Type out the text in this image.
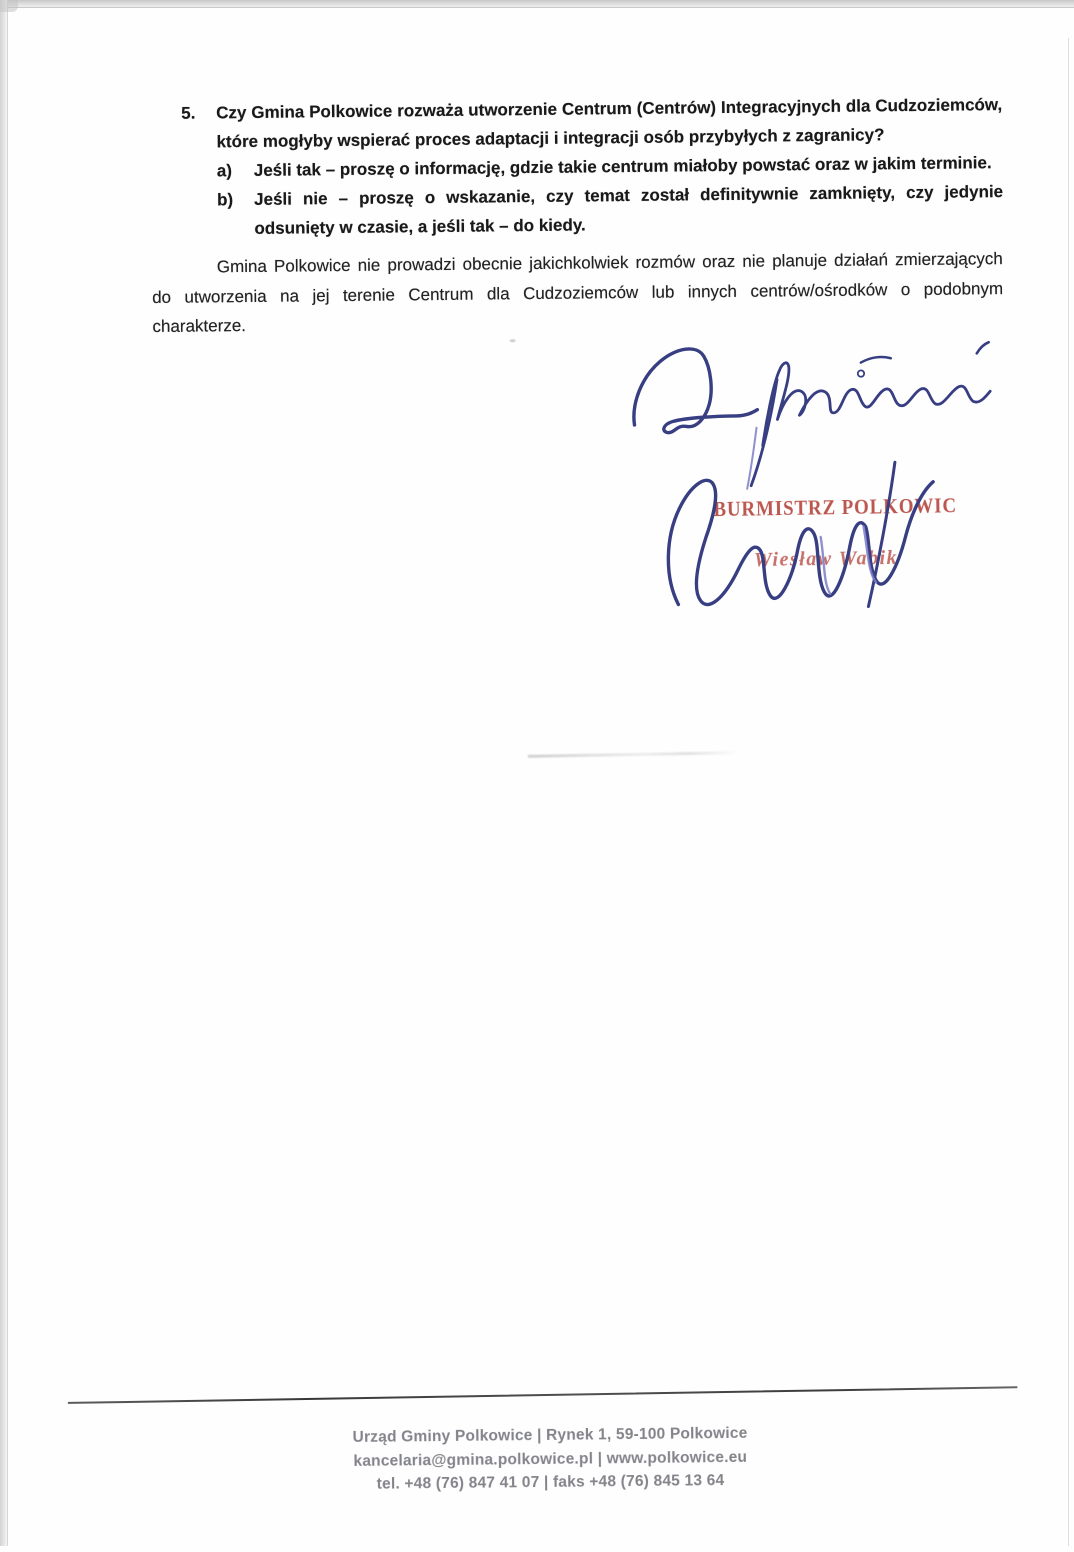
5.	Czy Gmina Polkowice rozważa utworzenie Centrum (Centrów) Integracyjnych dla Cudzoziemców, które mogłyby wspierać proces adaptacji i integracji osób przybyłych z zagranicy?
a)	Jeśli tak – proszę o informację, gdzie takie centrum miałoby powstać oraz w jakim terminie.
b)	Jeśli nie – proszę o wskazanie, czy temat został definitywnie zamknięty, czy jedynie odsunięty w czasie, a jeśli tak – do kiedy.

Gmina Polkowice nie prowadzi obecnie jakichkolwiek rozmów oraz nie planuje działań zmierzających do utworzenia na jej terenie Centrum dla Cudzoziemców lub innych centrów/ośrodków o podobnym charakterze.

BURMISTRZ POLKOWIC
Wiesław Wabik
Urząd Gminy Polkowice | Rynek 1, 59-100 Polkowice
kancelaria@gmina.polkowice.pl | www.polkowice.eu
tel. +48 (76) 847 41 07 | faks +48 (76) 845 13 64
